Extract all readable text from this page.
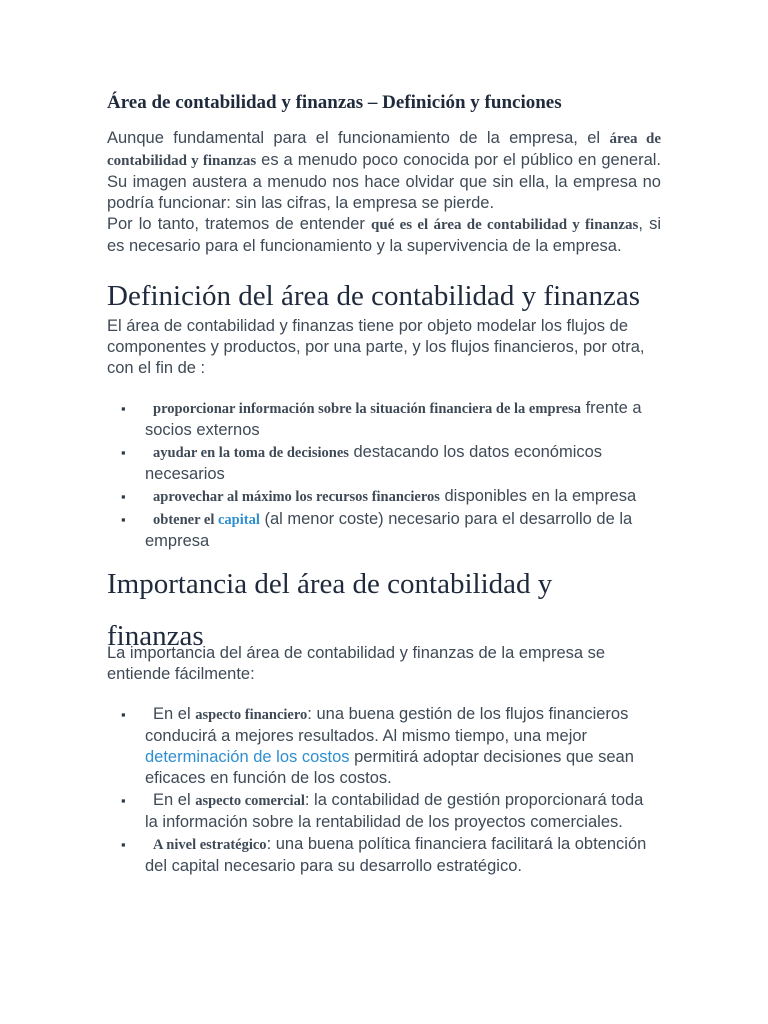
Área de contabilidad y finanzas – Definición y funciones
Aunque fundamental para el funcionamiento de la empresa, el área de contabilidad y finanzas es a menudo poco conocida por el público en general. Su imagen austera a menudo nos hace olvidar que sin ella, la empresa no podría funcionar: sin las cifras, la empresa se pierde.
Por lo tanto, tratemos de entender qué es el área de contabilidad y finanzas, si es necesario para el funcionamiento y la supervivencia de la empresa.
Definición del área de contabilidad y finanzas
El área de contabilidad y finanzas tiene por objeto modelar los flujos de componentes y productos, por una parte, y los flujos financieros, por otra, con el fin de :
▪ proporcionar información sobre la situación financiera de la empresa frente a socios externos
▪ ayudar en la toma de decisiones destacando los datos económicos necesarios
▪ aprovechar al máximo los recursos financieros disponibles en la empresa
▪ obtener el capital (al menor coste) necesario para el desarrollo de la empresa
Importancia del área de contabilidad y finanzas
La importancia del área de contabilidad y finanzas de la empresa se entiende fácilmente:
▪ En el aspecto financiero: una buena gestión de los flujos financieros conducirá a mejores resultados. Al mismo tiempo, una mejor determinación de los costos permitirá adoptar decisiones que sean eficaces en función de los costos.
▪ En el aspecto comercial: la contabilidad de gestión proporcionará toda la información sobre la rentabilidad de los proyectos comerciales.
▪ A nivel estratégico: una buena política financiera facilitará la obtención del capital necesario para su desarrollo estratégico.
